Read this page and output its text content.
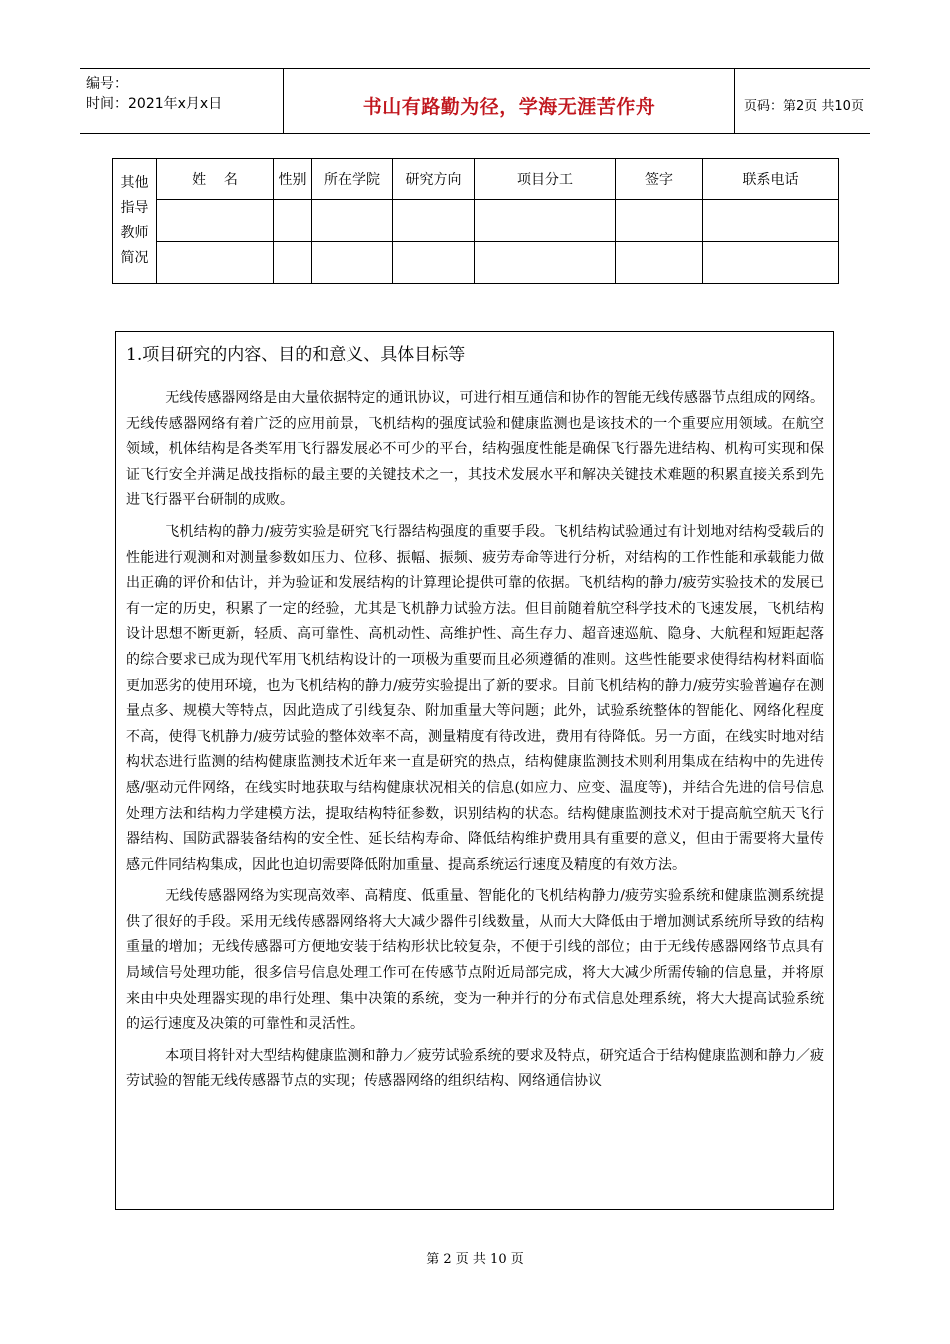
编号：
时间：2021年x月x日	书山有路勤为径，学海无涯苦作舟	页码：第2页 共10页
其他
指导
教师
简况	姓    名	性别	所在学院	研究方向	项目分工	签字	联系电话

1.项目研究的内容、目的和意义、具体目标等

无线传感器网络是由大量依据特定的通讯协议，可进行相互通信和协作的智能无线传感器节点组成的网络。无线传感器网络有着广泛的应用前景，飞机结构的强度试验和健康监测也是该技术的一个重要应用领域。在航空领域，机体结构是各类军用飞行器发展必不可少的平台，结构强度性能是确保飞行器先进结构、机构可实现和保证飞行安全并满足战技指标的最主要的关键技术之一，其技术发展水平和解决关键技术难题的积累直接关系到先进飞行器平台研制的成败。

飞机结构的静力/疲劳实验是研究飞行器结构强度的重要手段。飞机结构试验通过有计划地对结构受载后的性能进行观测和对测量参数如压力、位移、振幅、振频、疲劳寿命等进行分析，对结构的工作性能和承载能力做出正确的评价和估计，并为验证和发展结构的计算理论提供可靠的依据。飞机结构的静力/疲劳实验技术的发展已有一定的历史，积累了一定的经验，尤其是飞机静力试验方法。但目前随着航空科学技术的飞速发展，飞机结构设计思想不断更新，轻质、高可靠性、高机动性、高维护性、高生存力、超音速巡航、隐身、大航程和短距起落的综合要求已成为现代军用飞机结构设计的一项极为重要而且必须遵循的准则。这些性能要求使得结构材料面临更加恶劣的使用环境，也为飞机结构的静力/疲劳实验提出了新的要求。目前飞机结构的静力/疲劳实验普遍存在测量点多、规模大等特点，因此造成了引线复杂、附加重量大等问题；此外，试验系统整体的智能化、网络化程度不高，使得飞机静力/疲劳试验的整体效率不高，测量精度有待改进，费用有待降低。另一方面，在线实时地对结构状态进行监测的结构健康监测技术近年来一直是研究的热点，结构健康监测技术则利用集成在结构中的先进传感/驱动元件网络，在线实时地获取与结构健康状况相关的信息(如应力、应变、温度等)，并结合先进的信号信息处理方法和结构力学建模方法，提取结构特征参数，识别结构的状态。结构健康监测技术对于提高航空航天飞行器结构、国防武器装备结构的安全性、延长结构寿命、降低结构维护费用具有重要的意义，但由于需要将大量传感元件同结构集成，因此也迫切需要降低附加重量、提高系统运行速度及精度的有效方法。

无线传感器网络为实现高效率、高精度、低重量、智能化的飞机结构静力/疲劳实验系统和健康监测系统提供了很好的手段。采用无线传感器网络将大大减少器件引线数量，从而大大降低由于增加测试系统所导致的结构重量的增加；无线传感器可方便地安装于结构形状比较复杂，不便于引线的部位；由于无线传感器网络节点具有局域信号处理功能，很多信号信息处理工作可在传感节点附近局部完成，将大大减少所需传输的信息量，并将原来由中央处理器实现的串行处理、集中决策的系统，变为一种并行的分布式信息处理系统，将大大提高试验系统的运行速度及决策的可靠性和灵活性。

本项目将针对大型结构健康监测和静力／疲劳试验系统的要求及特点，研究适合于结构健康监测和静力／疲劳试验的智能无线传感器节点的实现；传感器网络的组织结构、网络通信协议

第 2 页 共 10 页
